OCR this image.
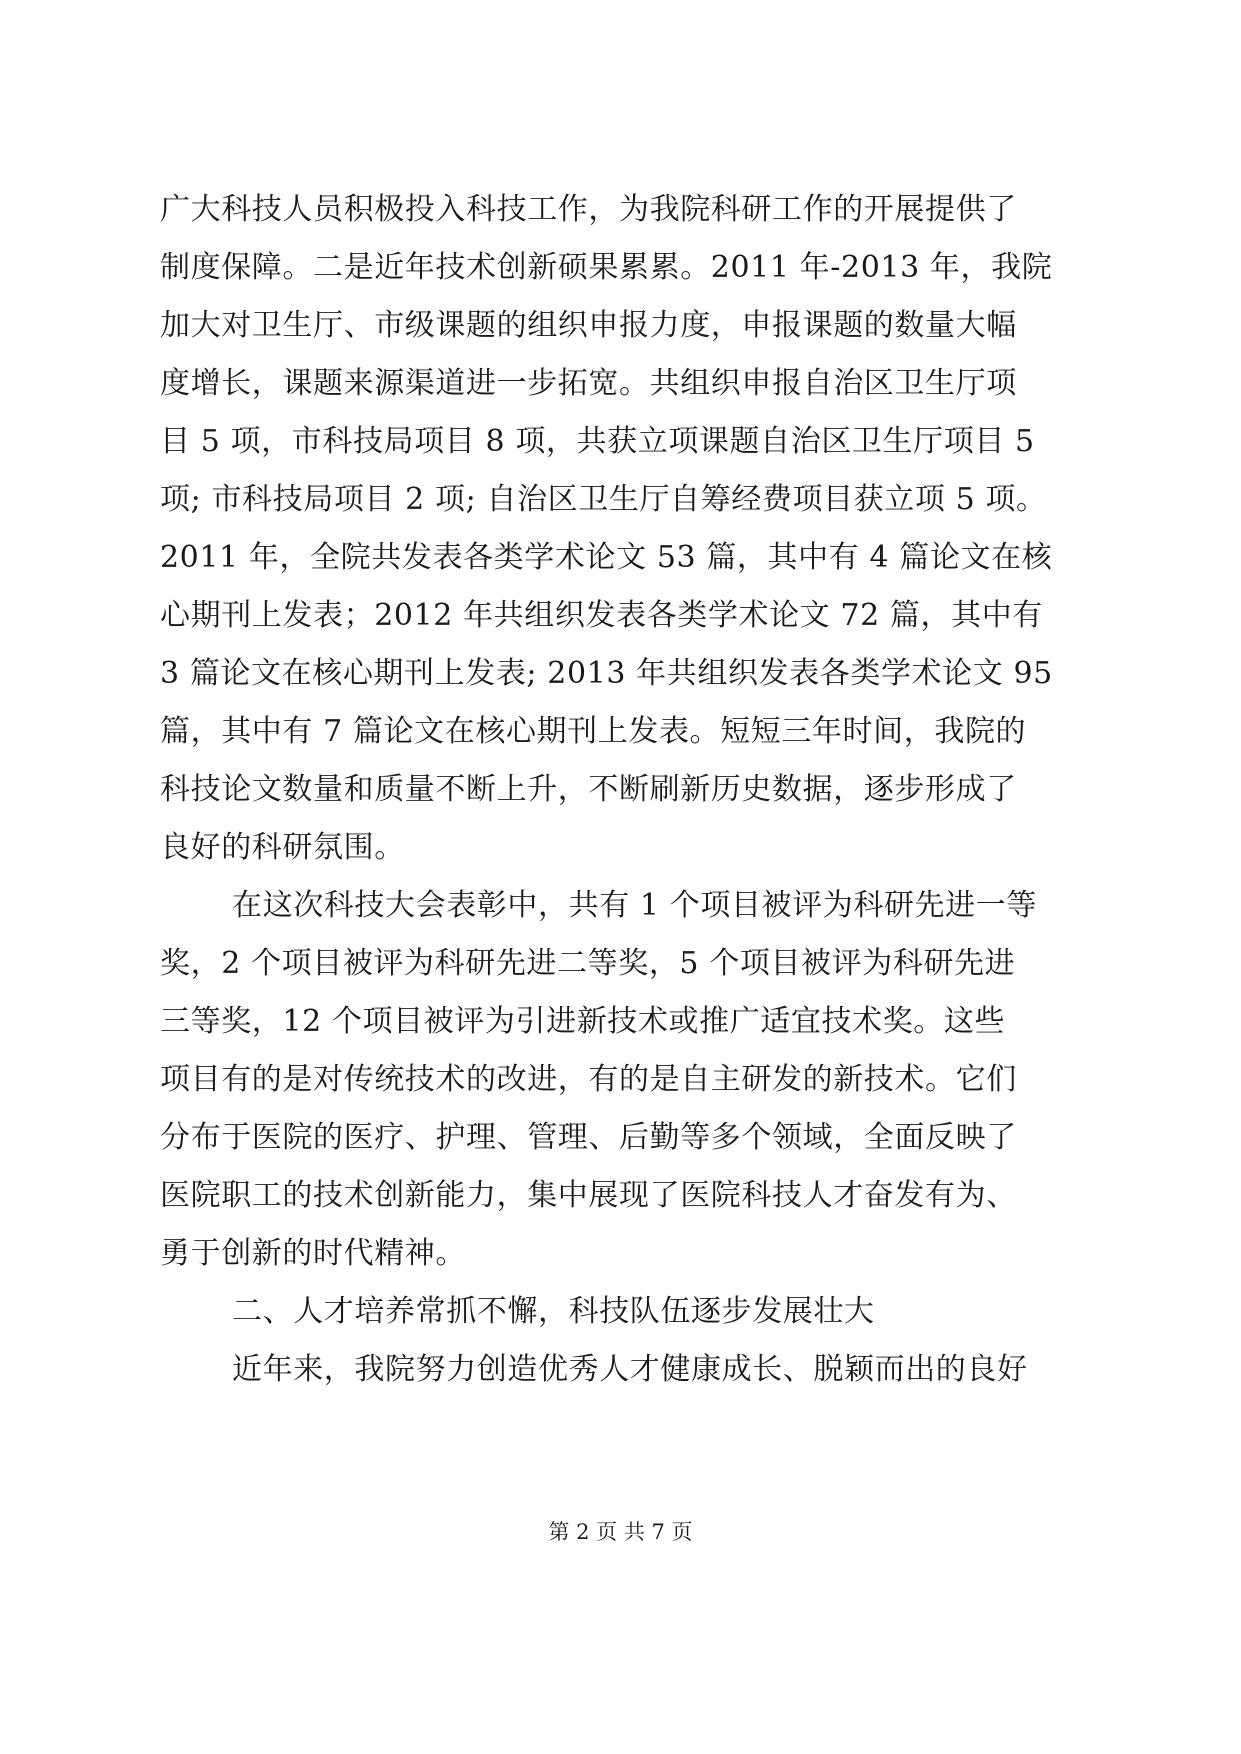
广大科技人员积极投入科技工作，为我院科研工作的开展提供了
制度保障。二是近年技术创新硕果累累。2011 年-2013 年，我院
加大对卫生厅、市级课题的组织申报力度，申报课题的数量大幅
度增长，课题来源渠道进一步拓宽。共组织申报自治区卫生厅项
目 5 项，市科技局项目 8 项，共获立项课题自治区卫生厅项目 5
项; 市科技局项目 2 项; 自治区卫生厅自筹经费项目获立项 5 项。
2011 年，全院共发表各类学术论文 53 篇，其中有 4 篇论文在核
心期刊上发表；2012 年共组织发表各类学术论文 72 篇，其中有
3 篇论文在核心期刊上发表; 2013 年共组织发表各类学术论文 95
篇，其中有 7 篇论文在核心期刊上发表。短短三年时间，我院的
科技论文数量和质量不断上升，不断刷新历史数据，逐步形成了
良好的科研氛围。
在这次科技大会表彰中，共有 1 个项目被评为科研先进一等
奖，2 个项目被评为科研先进二等奖，5 个项目被评为科研先进
三等奖，12 个项目被评为引进新技术或推广适宜技术奖。这些
项目有的是对传统技术的改进，有的是自主研发的新技术。它们
分布于医院的医疗、护理、管理、后勤等多个领域，全面反映了
医院职工的技术创新能力，集中展现了医院科技人才奋发有为、
勇于创新的时代精神。
二、人才培养常抓不懈，科技队伍逐步发展壮大
近年来，我院努力创造优秀人才健康成长、脱颖而出的良好
第 2 页 共 7 页
